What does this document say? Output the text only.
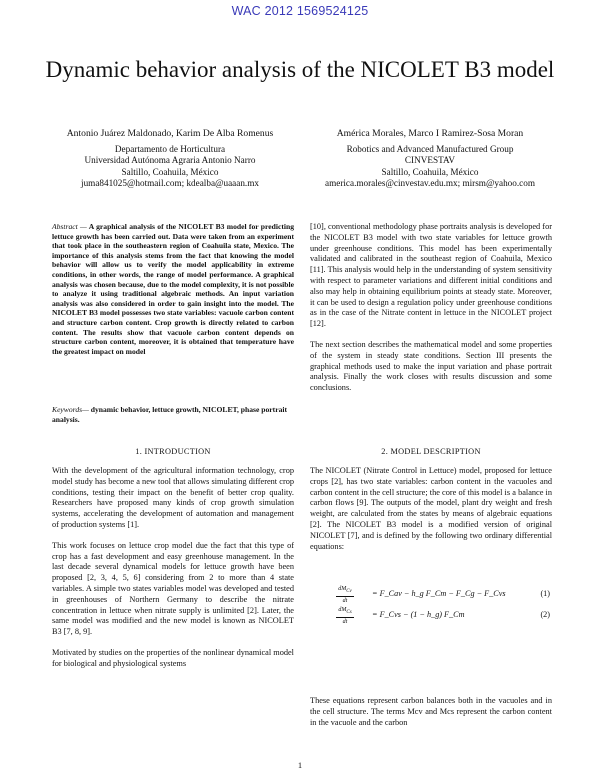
WAC 2012 1569524125
Dynamic behavior analysis of the NICOLET B3 model
Antonio Juárez Maldonado, Karim De Alba Romenus
Departamento de Horticultura
Universidad Autónoma Agraria Antonio Narro
Saltillo, Coahuila, México
juma841025@hotmail.com; kdealba@uaaan.mx
América Morales, Marco I Ramirez-Sosa Moran
Robotics and Advanced Manufactured Group
CINVESTAV
Saltillo, Coahuila, México
america.morales@cinvestav.edu.mx; mirsm@yahoo.com
Abstract — A graphical analysis of the NICOLET B3 model for predicting lettuce growth has been carried out. Data were taken from an experiment that took place in the southeastern region of Coahuila state, Mexico. The importance of this analysis stems from the fact that knowing the model behavior will allow us to verify the model applicability in extreme conditions, in other words, the range of model performance. A graphical analysis was chosen because, due to the model complexity, it is not possible to analyze it using traditional algebraic methods. An input variation analysis was also considered in order to gain insight into the model. The NICOLET B3 model possesses two state variables: vacuole carbon content and structure carbon content. Crop growth is directly related to carbon content. The results show that vacuole carbon content depends on structure carbon content, moreover, it is obtained that temperature have the greatest impact on model
Keywords— dynamic behavior, lettuce growth, NICOLET, phase portrait analysis.
1. INTRODUCTION

With the development of the agricultural information technology, crop model study has become a new tool that allows simulating different crop conditions, testing their impact on the benefit of better crop quality. Researchers have proposed many kinds of crop growth simulation systems, accelerating the development of automation and management of production systems [1].

This work focuses on lettuce crop model due the fact that this type of crop has a fast development and easy greenhouse management. In the last decade several dynamical models for lettuce growth have been proposed [2, 3, 4, 5, 6] considering from 2 to more than 4 state variables. A simple two states variables model was developed and tested in greenhouses of Northern Germany to describe the nitrate concentration in lettuce when nitrate supply is unlimited [2]. Later, the same model was modified and the new model is known as NICOLET B3 [7, 8, 9].

Motivated by studies on the properties of the nonlinear dynamical model for biological and physiological systems

[10], conventional methodology phase portraits analysis is developed for the NICOLET B3 model with two state variables for lettuce growth under greenhouse conditions. This model has been experimentally validated and calibrated in the southeast region of Coahuila, Mexico [11]. This analysis would help in the understanding of system sensitivity with respect to parameter variations and different initial conditions and also may help in obtaining equilibrium points at steady state. Moreover, it can be used to design a regulation policy under greenhouse conditions as in the case of the Nitrate content in lettuce in the NICOLET project [12].

The next section describes the mathematical model and some properties of the system in steady state conditions. Section III presents the graphical methods used to make the input variation and phase portrait analysis. Finally the work closes with results discussion and some conclusions.

2. MODEL DESCRIPTION

The NICOLET (Nitrate Control in Lettuce) model, proposed for lettuce crops [2], has two state variables: carbon content in the vacuoles and carbon content in the cell structure; the core of this model is a balance in carbon flows [9]. The outputs of the model, plant dry weight and fresh weight, are calculated from the states by means of algebraic equations [2]. The NICOLET B3 model is a modified version of original NICOLET [7], and is defined by the following two ordinary differential equations:

$dM_{Cv}$
dt
= F_Cav − h_g F_Cm − F_Cg − F_Cvs	(1)
$dM_{Cs}$
dt
= F_Cvs − (1 − h_g) F_Cm	(2)

These equations represent carbon balances both in the vacuoles and in the cell structure. The terms Mcv and Mcs represent the carbon content in the vacuole and the carbon

1
